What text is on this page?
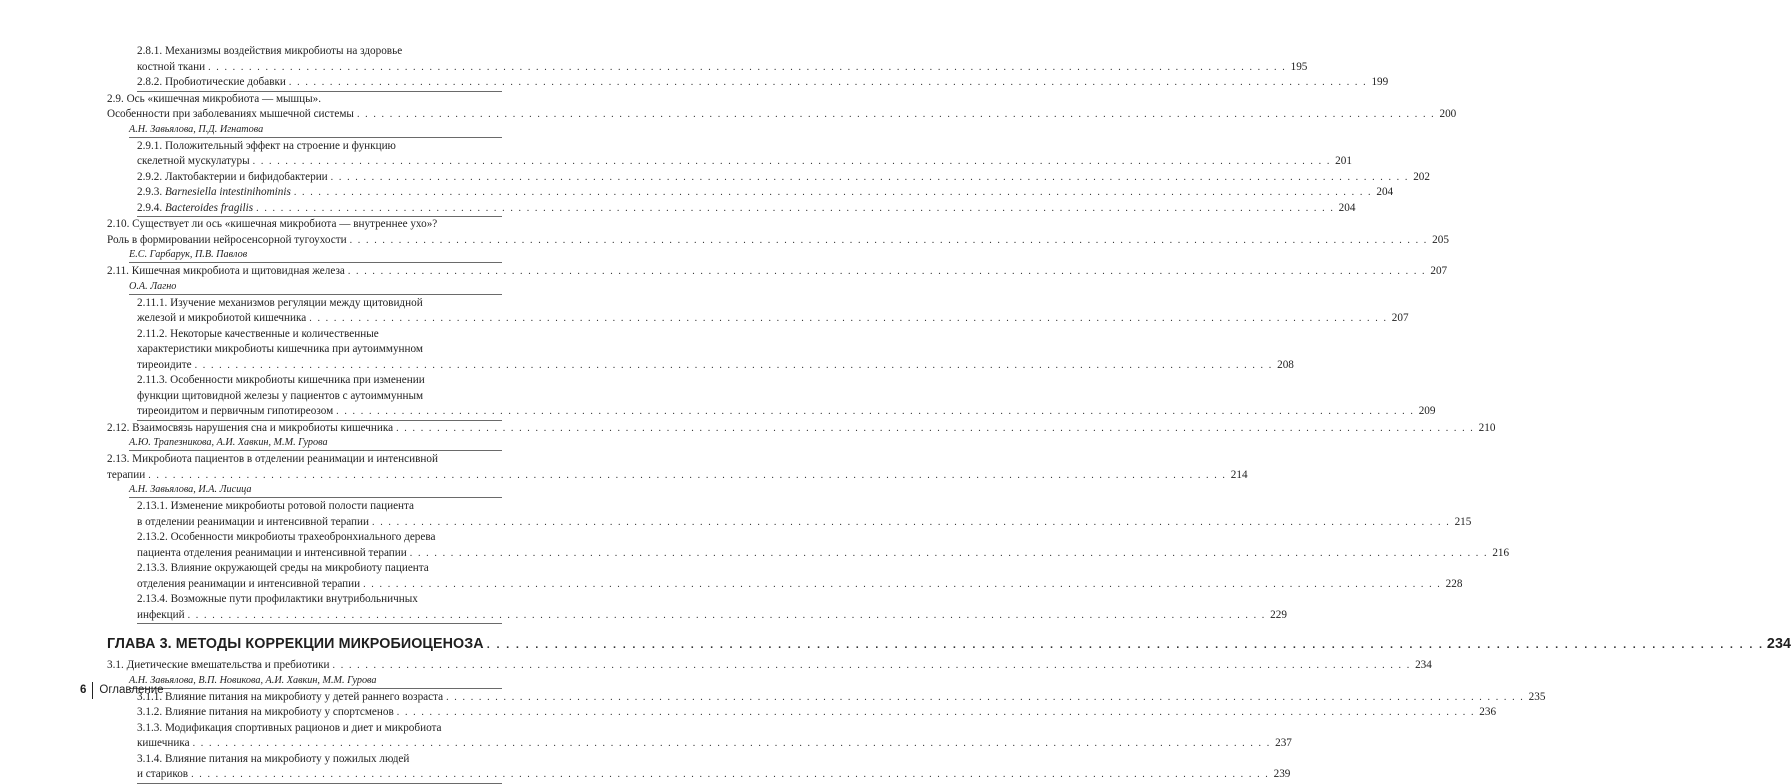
2.8.1. Механизмы воздействия микробиоты на здоровье
костной ткани . . .	195
2.8.2. Пробиотические добавки . . .	199
2.9. Ось «кишечная микробиота — мышцы».
Особенности при заболеваниях мышечной системы . . .	200
А.Н. Завьялова, П.Д. Игнатова
2.9.1. Положительный эффект на строение и функцию
скелетной мускулатуры . . .	201
2.9.2. Лактобактерии и бифидобактерии . . .	202
2.9.3. Barnesiella intestinihominis . . .	204
2.9.4. Bacteroides fragilis . . .	204
2.10. Существует ли ось «кишечная микробиота — внутреннее ухо»?
Роль в формировании нейросенсорной тугоухости . . .	205
Е.С. Гарбарук, П.В. Павлов
2.11. Кишечная микробиота и щитовидная железа . . .	207
О.А. Лагно
2.11.1. Изучение механизмов регуляции между щитовидной
железой и микробиотой кишечника . . .	207
2.11.2. Некоторые качественные и количественные
характеристики микробиоты кишечника при аутоиммунном
тиреоидите . . .	208
2.11.3. Особенности микробиоты кишечника при изменении
функции щитовидной железы у пациентов с аутоиммунным
тиреоидитом и первичным гипотиреозом . . .	209
2.12. Взаимосвязь нарушения сна и микробиоты кишечника . . .	210
А.Ю. Трапезникова, А.И. Хавкин, М.М. Гурова
2.13. Микробиота пациентов в отделении реанимации и интенсивной
терапии . . .	214
А.Н. Завьялова, И.А. Лисица
2.13.1. Изменение микробиоты ротовой полости пациента
в отделении реанимации и интенсивной терапии . . .	215
2.13.2. Особенности микробиоты трахеобронхиального дерева
пациента отделения реанимации и интенсивной терапии . . .	216
2.13.3. Влияние окружающей среды на микробиоту пациента
отделения реанимации и интенсивной терапии . . .	228
2.13.4. Возможные пути профилактики внутрибольничных
инфекций . . .	229
ГЛАВА 3. МЕТОДЫ КОРРЕКЦИИ МИКРОБИОЦЕНОЗА . . .	234
3.1. Диетические вмешательства и пребиотики . . .	234
А.Н. Завьялова, В.П. Новикова, А.И. Хавкин, М.М. Гурова
3.1.1. Влияние питания на микробиоту у детей раннего возраста . . .	235
3.1.2. Влияние питания на микробиоту у спортсменов . . .	236
3.1.3. Модификация спортивных рационов и диет и микробиота
кишечника . . .	237
3.1.4. Влияние питания на микробиоту у пожилых людей
и стариков . . .	239
6	Оглавление
